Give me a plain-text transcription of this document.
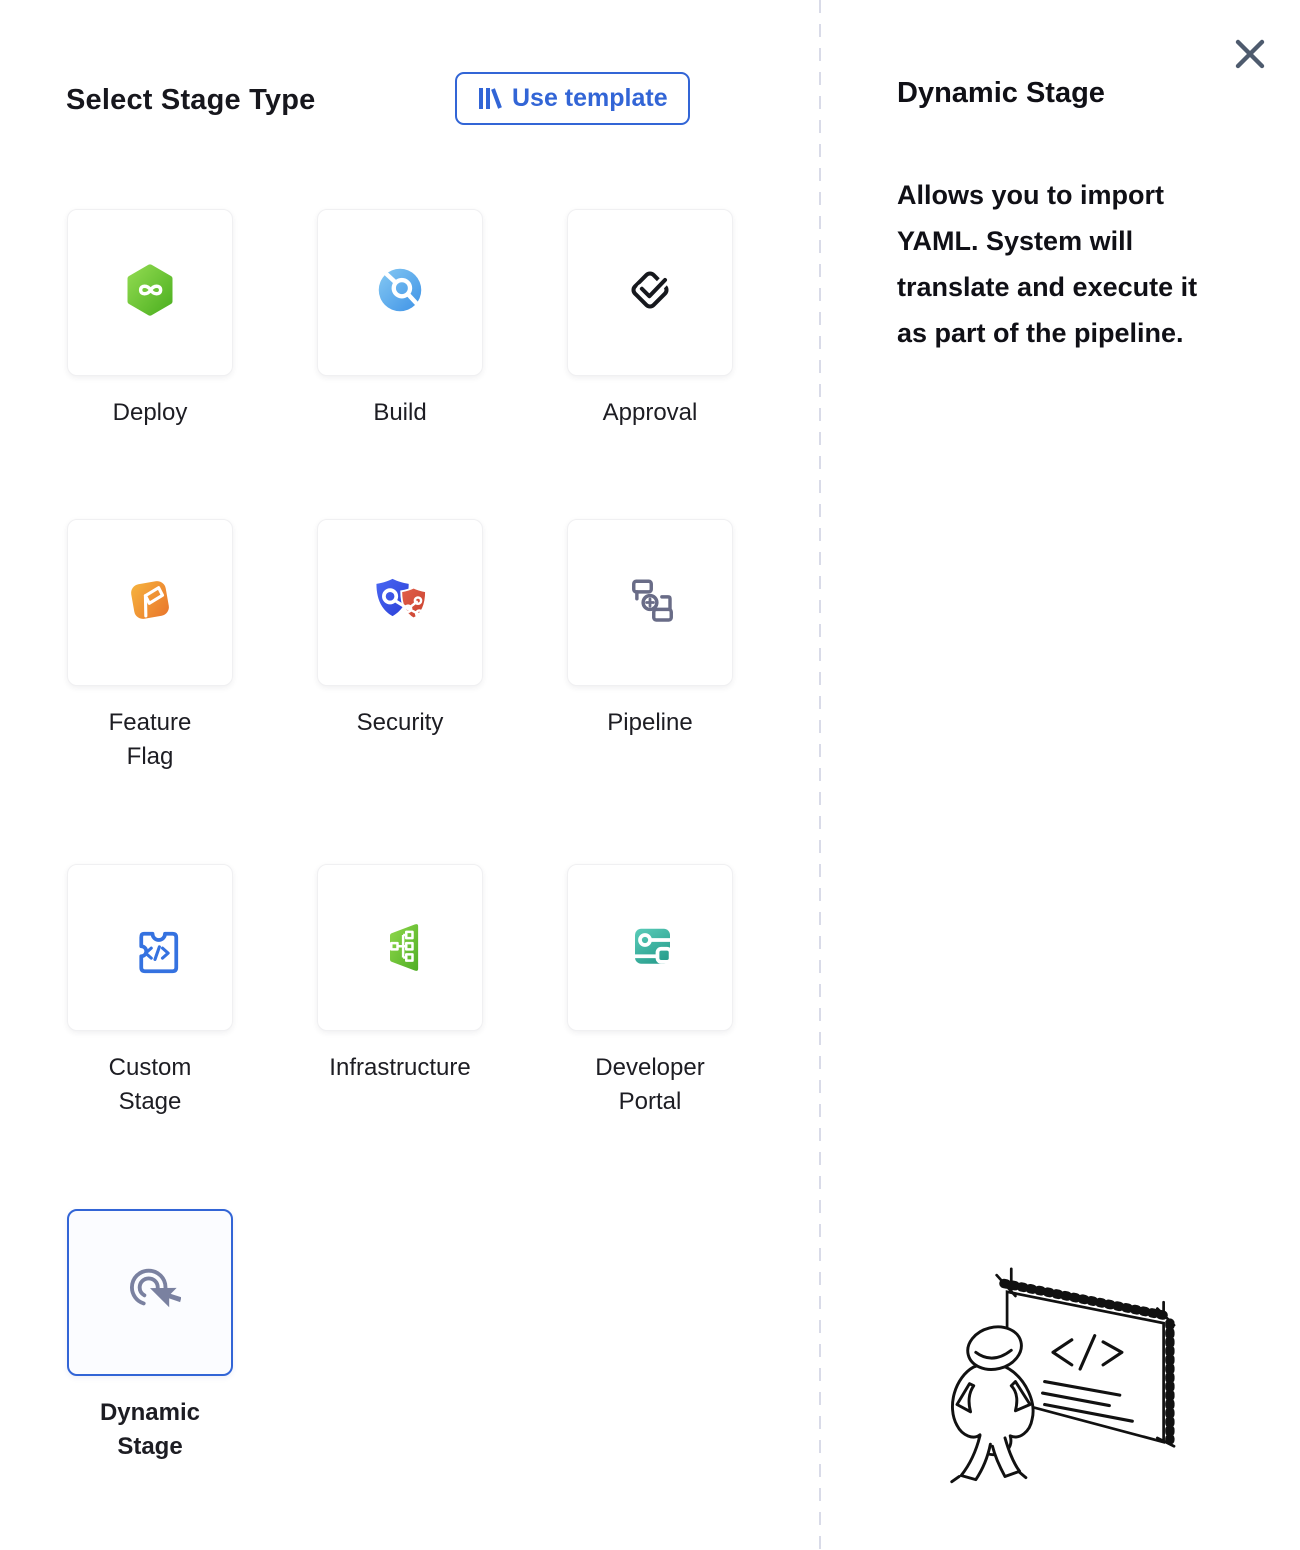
Select Stage Type	Use template
Deploy	Build	Approval
Feature Flag
Security	Pipeline
Custom Stage
Infrastructure	Developer Portal
Dynamic Stage
Dynamic Stage
Allows you to import YAML. System will translate and execute it as part of the pipeline.
